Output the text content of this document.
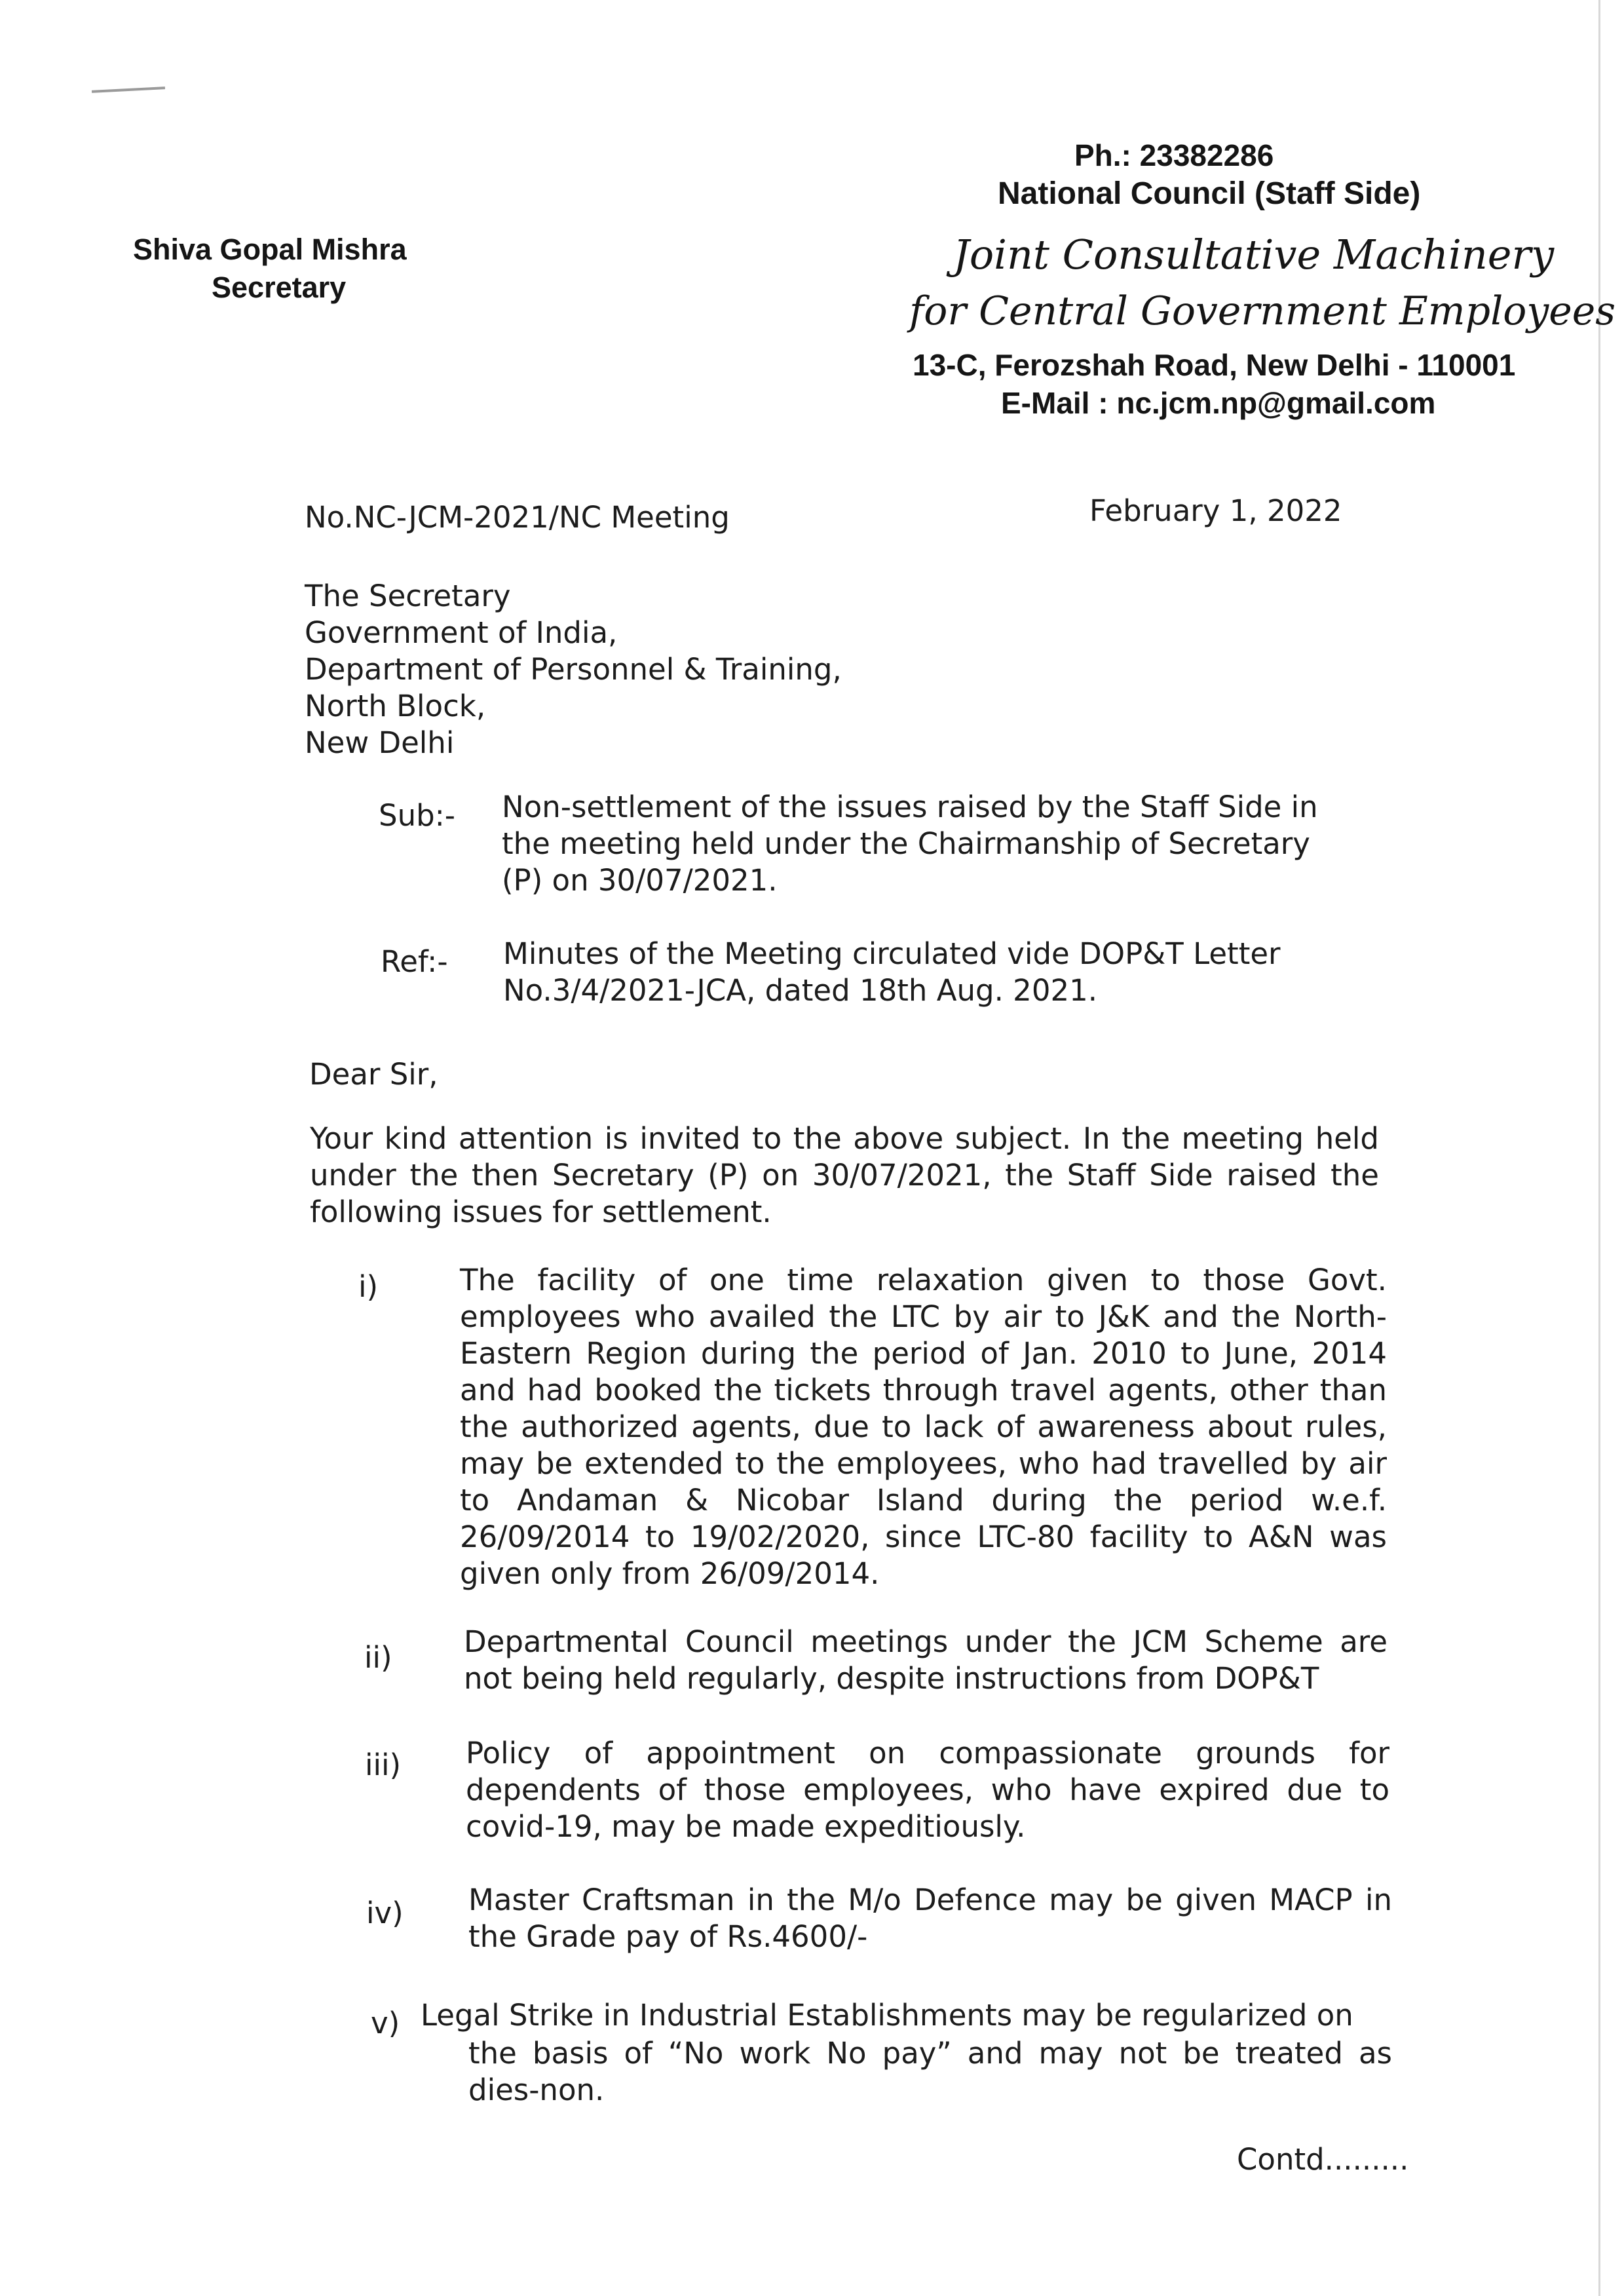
Ph.: 23382286
National Council (Staff Side)
Joint Consultative Machinery
for Central Government Employees
13-C, Ferozshah Road, New Delhi - 110001
E-Mail : nc.jcm.np@gmail.com
Shiva Gopal Mishra
Secretary
No.NC-JCM-2021/NC Meeting	February 1, 2022
The Secretary
Government of India,
Department of Personnel & Training,
North Block,
New Delhi
Sub:- Non-settlement of the issues raised by the Staff Side in
the meeting held under the Chairmanship of Secretary
(P) on 30/07/2021.
Ref:- Minutes of the Meeting circulated vide DOP&T Letter
No.3/4/2021-JCA, dated 18th Aug. 2021.
Dear Sir,
Your kind attention is invited to the above subject. In the meeting held under the then Secretary (P) on 30/07/2021, the Staff Side raised the following issues for settlement.
i)	The facility of one time relaxation given to those Govt. employees who availed the LTC by air to J&K and the North-Eastern Region during the period of Jan. 2010 to June, 2014 and had booked the tickets through travel agents, other than the authorized agents, due to lack of awareness about rules, may be extended to the employees, who had travelled by air to Andaman & Nicobar Island during the period w.e.f. 26/09/2014 to 19/02/2020, since LTC-80 facility to A&N was given only from 26/09/2014.
ii) Departmental Council meetings under the JCM Scheme are not being held regularly, despite instructions from DOP&T
iii) Policy of appointment on compassionate grounds for dependents of those employees, who have expired due to covid-19, may be made expeditiously.
iv) Master Craftsman in the M/o Defence may be given MACP in the Grade pay of Rs.4600/-
v) Legal Strike in Industrial Establishments may be regularized on
the basis of “No work No pay” and may not be treated as dies-non.
Contd.........
